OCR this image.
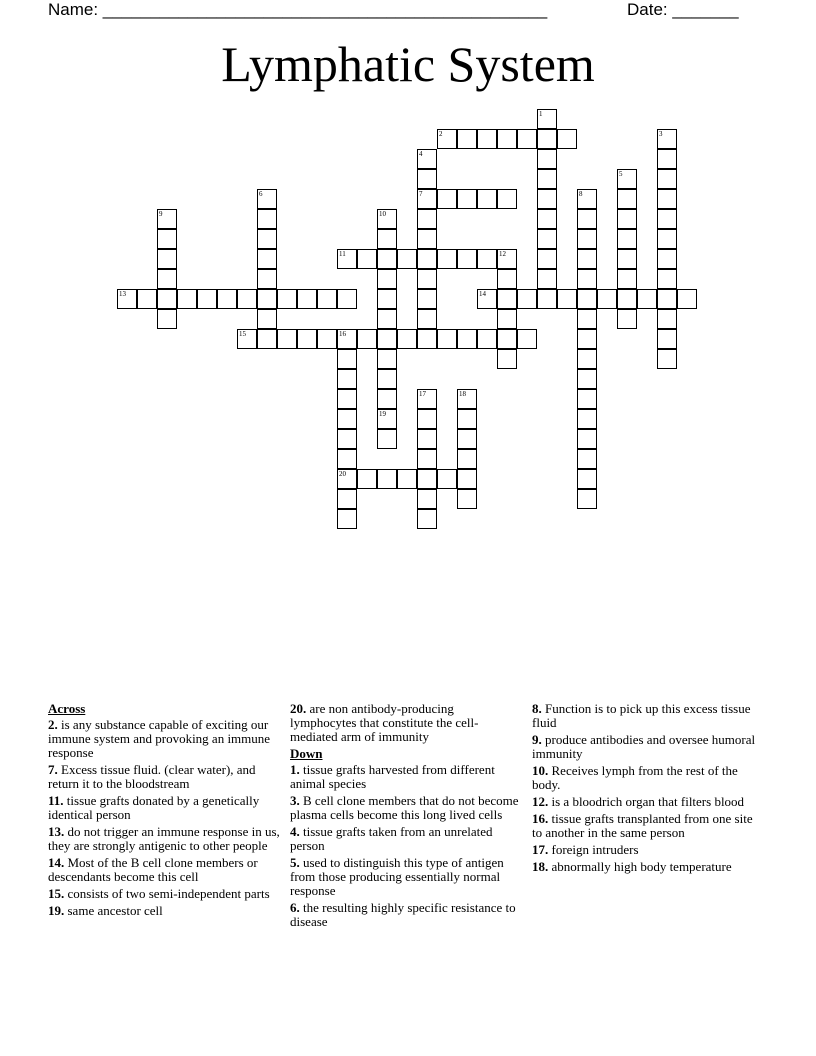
Name: _______________________________________________	Date: _______
Lymphatic System
1
2	3
4
7
5
6	8
9	10
19
11	12
13	14
15	16
20
17	18
Across
2. is any substance capable of exciting our immune system and provoking an immune response
7. Excess tissue fluid. (clear water), and return it to the bloodstream
11. tissue grafts donated by a genetically identical person
13. do not trigger an immune response in us, they are strongly antigenic to other people
14. Most of the B cell clone members or descendants become this cell
15. consists of two semi-independent parts
19. same ancestor cell
20. are non antibody-producing lymphocytes that constitute the cell-mediated arm of immunity
Down
1. tissue grafts harvested from different animal species
3. B cell clone members that do not become plasma cells become this long lived cells
4. tissue grafts taken from an unrelated person
5. used to distinguish this type of antigen from those producing essentially normal response
6. the resulting highly specific resistance to disease
8. Function is to pick up this excess tissue fluid
9. produce antibodies and oversee humoral immunity
10. Receives lymph from the rest of the body.
12. is a bloodrich organ that filters blood
16. tissue grafts transplanted from one site to another in the same person
17. foreign intruders
18. abnormally high body temperature
